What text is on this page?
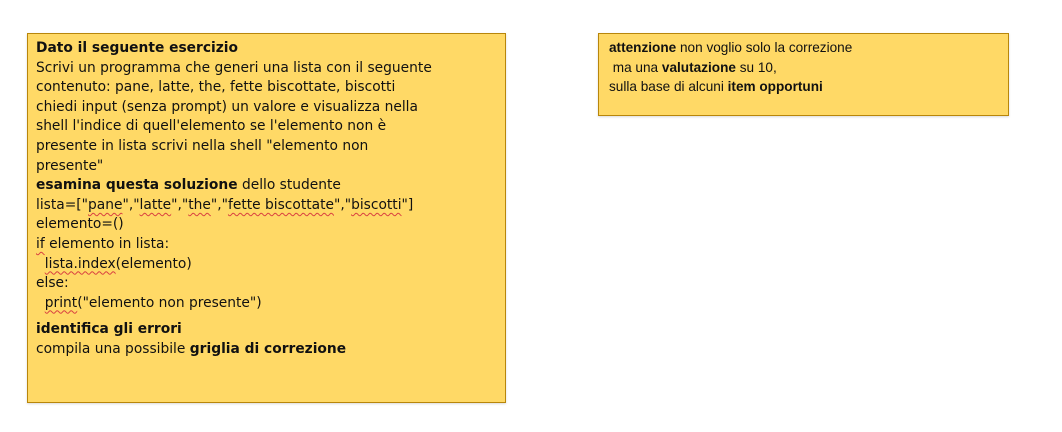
Dato il seguente esercizio
Scrivi un programma che generi una lista con il seguente
contenuto: pane, latte, the, fette biscottate, biscotti
chiedi input (senza prompt) un valore e visualizza nella
shell l'indice di quell'elemento se l'elemento non è
presente in lista scrivi nella shell "elemento non
presente"
esamina questa soluzione dello studente
lista=["pane","latte","the","fette biscottate","biscotti"]
elemento=()
if elemento in lista:
lista.index(elemento)
else:
print("elemento non presente")
identifica gli errori
compila una possibile griglia di correzione
attenzione non voglio solo la correzione
ma una valutazione su 10,
sulla base di alcuni item opportuni
